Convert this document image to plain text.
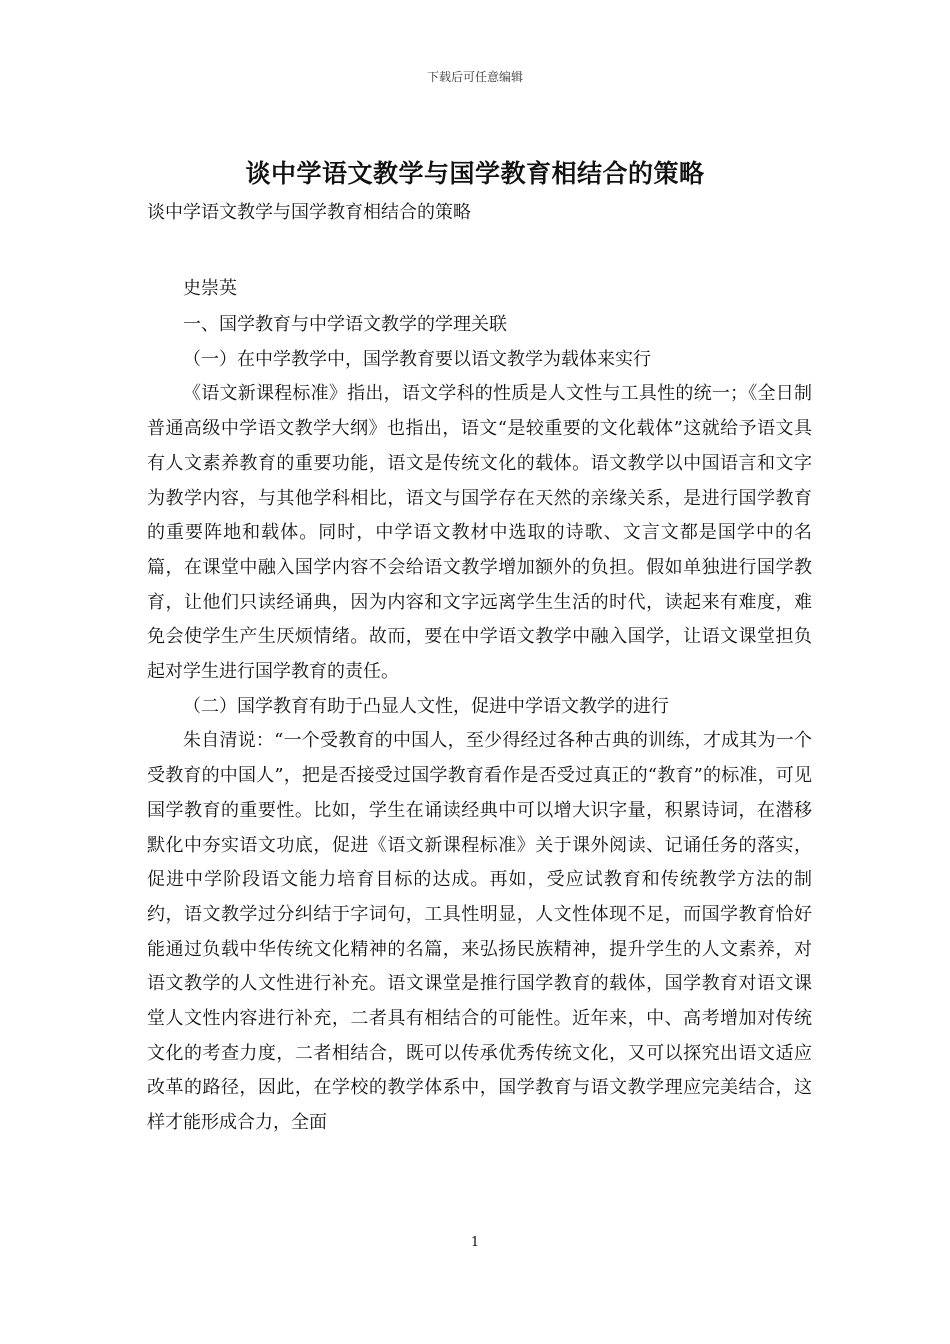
下载后可任意编辑
谈中学语文教学与国学教育相结合的策略
谈中学语文教学与国学教育相结合的策略
史崇英

一、国学教育与中学语文教学的学理关联

（一）在中学教学中，国学教育要以语文教学为载体来实行

《语文新课程标准》指出，语文学科的性质是人文性与工具性的统一；《全日制普通高级中学语文教学大纲》也指出，语文“是较重要的文化载体”这就给予语文具有人文素养教育的重要功能，语文是传统文化的载体。语文教学以中国语言和文字为教学内容，与其他学科相比，语文与国学存在天然的亲缘关系，是进行国学教育的重要阵地和载体。同时，中学语文教材中选取的诗歌、文言文都是国学中的名篇，在课堂中融入国学内容不会给语文教学增加额外的负担。假如单独进行国学教育，让他们只读经诵典，因为内容和文字远离学生生活的时代，读起来有难度，难免会使学生产生厌烦情绪。故而，要在中学语文教学中融入国学，让语文课堂担负起对学生进行国学教育的责任。

（二）国学教育有助于凸显人文性，促进中学语文教学的进行

朱自清说：“一个受教育的中国人，至少得经过各种古典的训练，才成其为一个受教育的中国人”，把是否接受过国学教育看作是否受过真正的“教育”的标准，可见国学教育的重要性。比如，学生在诵读经典中可以增大识字量，积累诗词，在潜移默化中夯实语文功底，促进《语文新课程标准》关于课外阅读、记诵任务的落实，促进中学阶段语文能力培育目标的达成。再如，受应试教育和传统教学方法的制约，语文教学过分纠结于字词句，工具性明显，人文性体现不足，而国学教育恰好能通过负载中华传统文化精神的名篇，来弘扬民族精神，提升学生的人文素养，对语文教学的人文性进行补充。语文课堂是推行国学教育的载体，国学教育对语文课堂人文性内容进行补充，二者具有相结合的可能性。近年来，中、高考增加对传统文化的考查力度，二者相结合，既可以传承优秀传统文化，又可以探究出语文适应改革的路径，因此，在学校的教学体系中，国学教育与语文教学理应完美结合，这样才能形成合力，全面

1
